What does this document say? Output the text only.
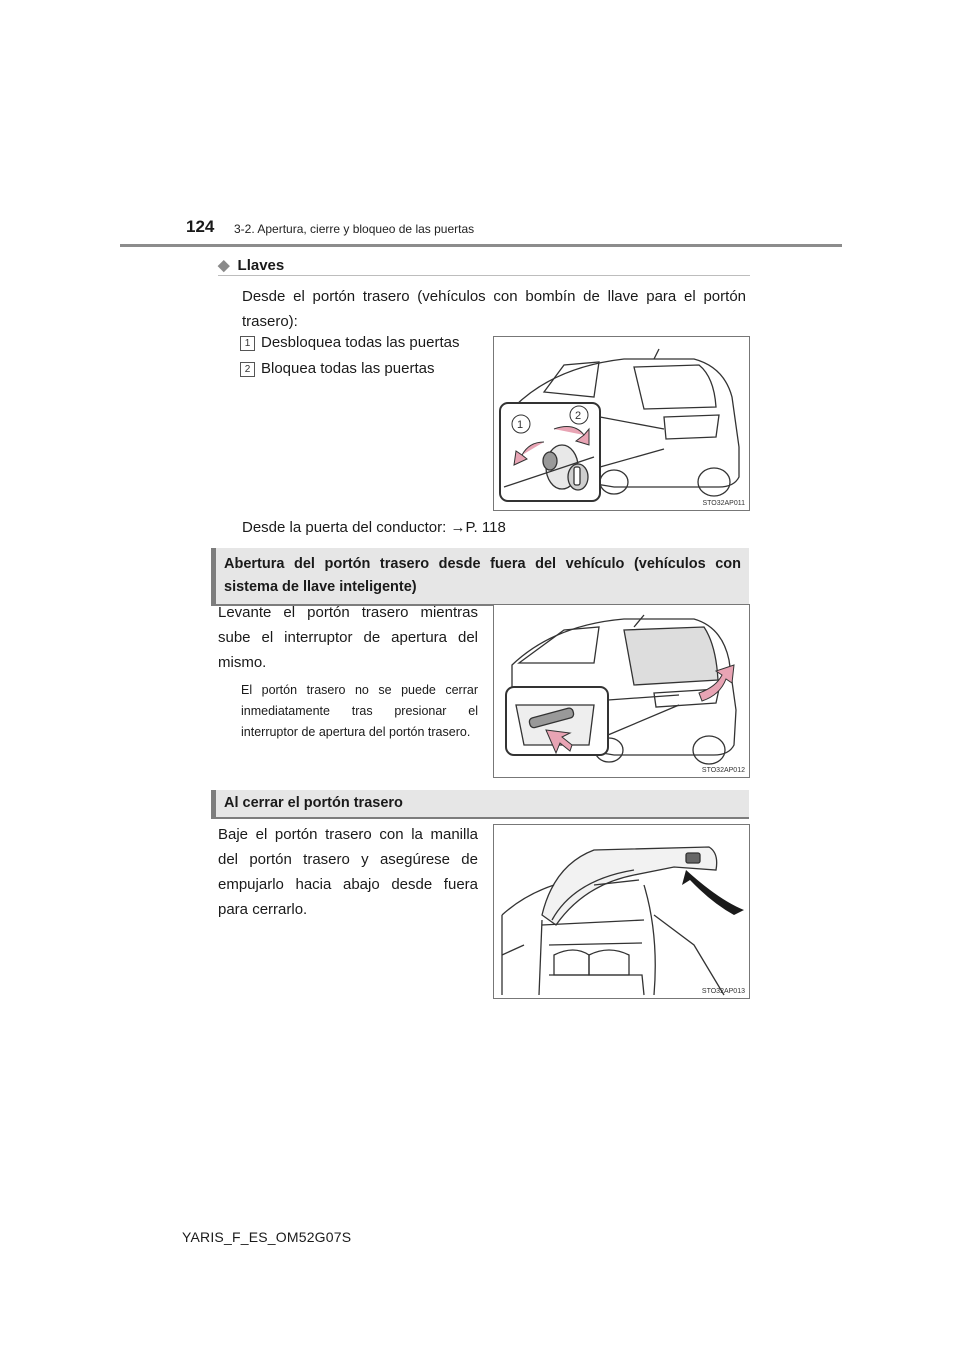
124 3-2. Apertura, cierre y bloqueo de las puertas
◆ Llaves
Desde el portón trasero (vehículos con bombín de llave para el portón trasero):
1 Desbloquea todas las puertas
2 Bloquea todas las puertas
1
2
STO32AP011
Desde la puerta del conductor: →P. 118
Abertura del portón trasero desde fuera del vehículo (vehículos con sistema de llave inteligente)
Levante el portón trasero mientras sube el interruptor de apertura del mismo.
El portón trasero no se puede cerrar inmediatamente tras presionar el interruptor de apertura del portón trasero.
STO32AP012
Al cerrar el portón trasero
Baje el portón trasero con la manilla del portón trasero y asegúrese de empujarlo hacia abajo desde fuera para cerrarlo.
STO32AP013
YARIS_F_ES_OM52G07S
